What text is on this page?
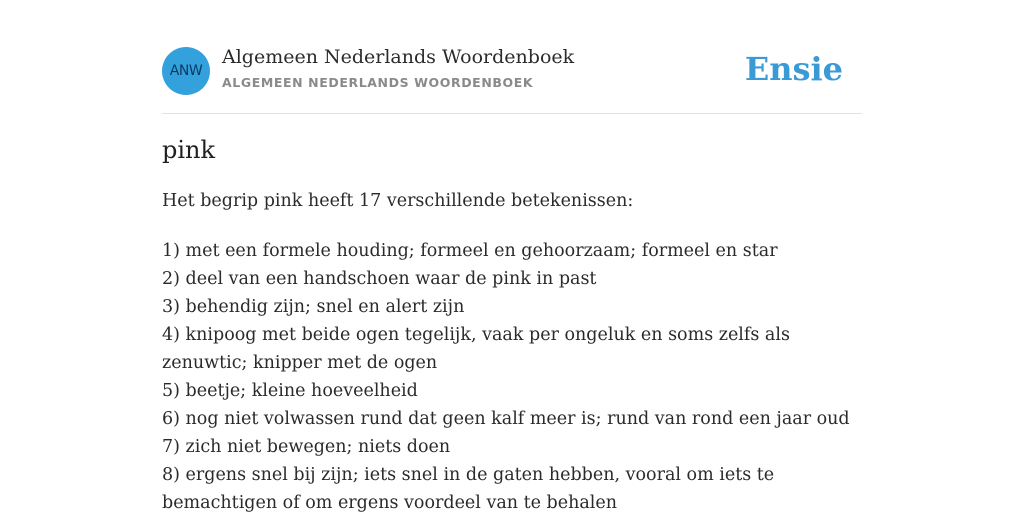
ANW
Algemeen Nederlands Woordenboek
ALGEMEEN NEDERLANDS WOORDENBOEK	Ensie
pink

Het begrip pink heeft 17 verschillende betekenissen:

1) met een formele houding; formeel en gehoorzaam; formeel en star
2) deel van een handschoen waar de pink in past
3) behendig zijn; snel en alert zijn
4) knipoog met beide ogen tegelijk, vaak per ongeluk en soms zelfs als zenuwtic; knipper met de ogen
5) beetje; kleine hoeveelheid
6) nog niet volwassen rund dat geen kalf meer is; rund van rond een jaar oud
7) zich niet bewegen; niets doen
8) ergens snel bij zijn; iets snel in de gaten hebben, vooral om iets te bemachtigen of om ergens voordeel van te behalen
